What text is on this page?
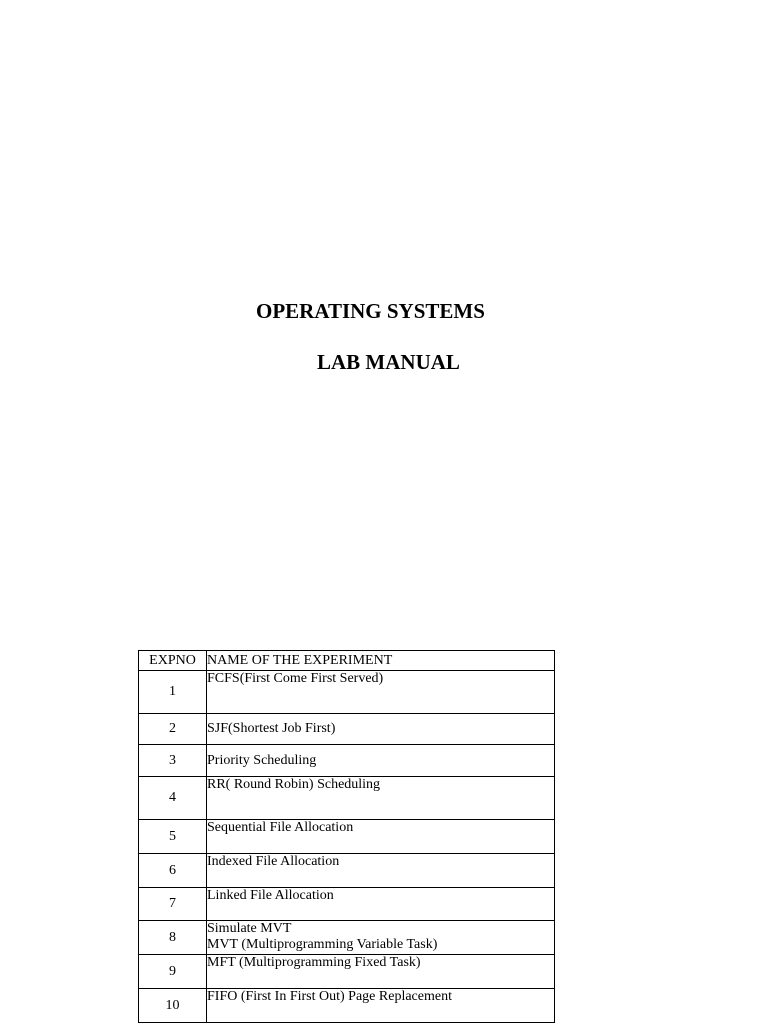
OPERATING SYSTEMS
LAB MANUAL
EXPNO	NAME OF THE EXPERIMENT
1	FCFS(First Come First Served)

2	SJF(Shortest Job First)

3	Priority Scheduling

4	RR( Round Robin) Scheduling

5	Sequential File Allocation

6	Indexed File Allocation

7	Linked File Allocation

8	Simulate MVT
MVT (Multiprogramming Variable Task)

9	MFT (Multiprogramming Fixed Task)

10	FIFO (First In First Out) Page Replacement
